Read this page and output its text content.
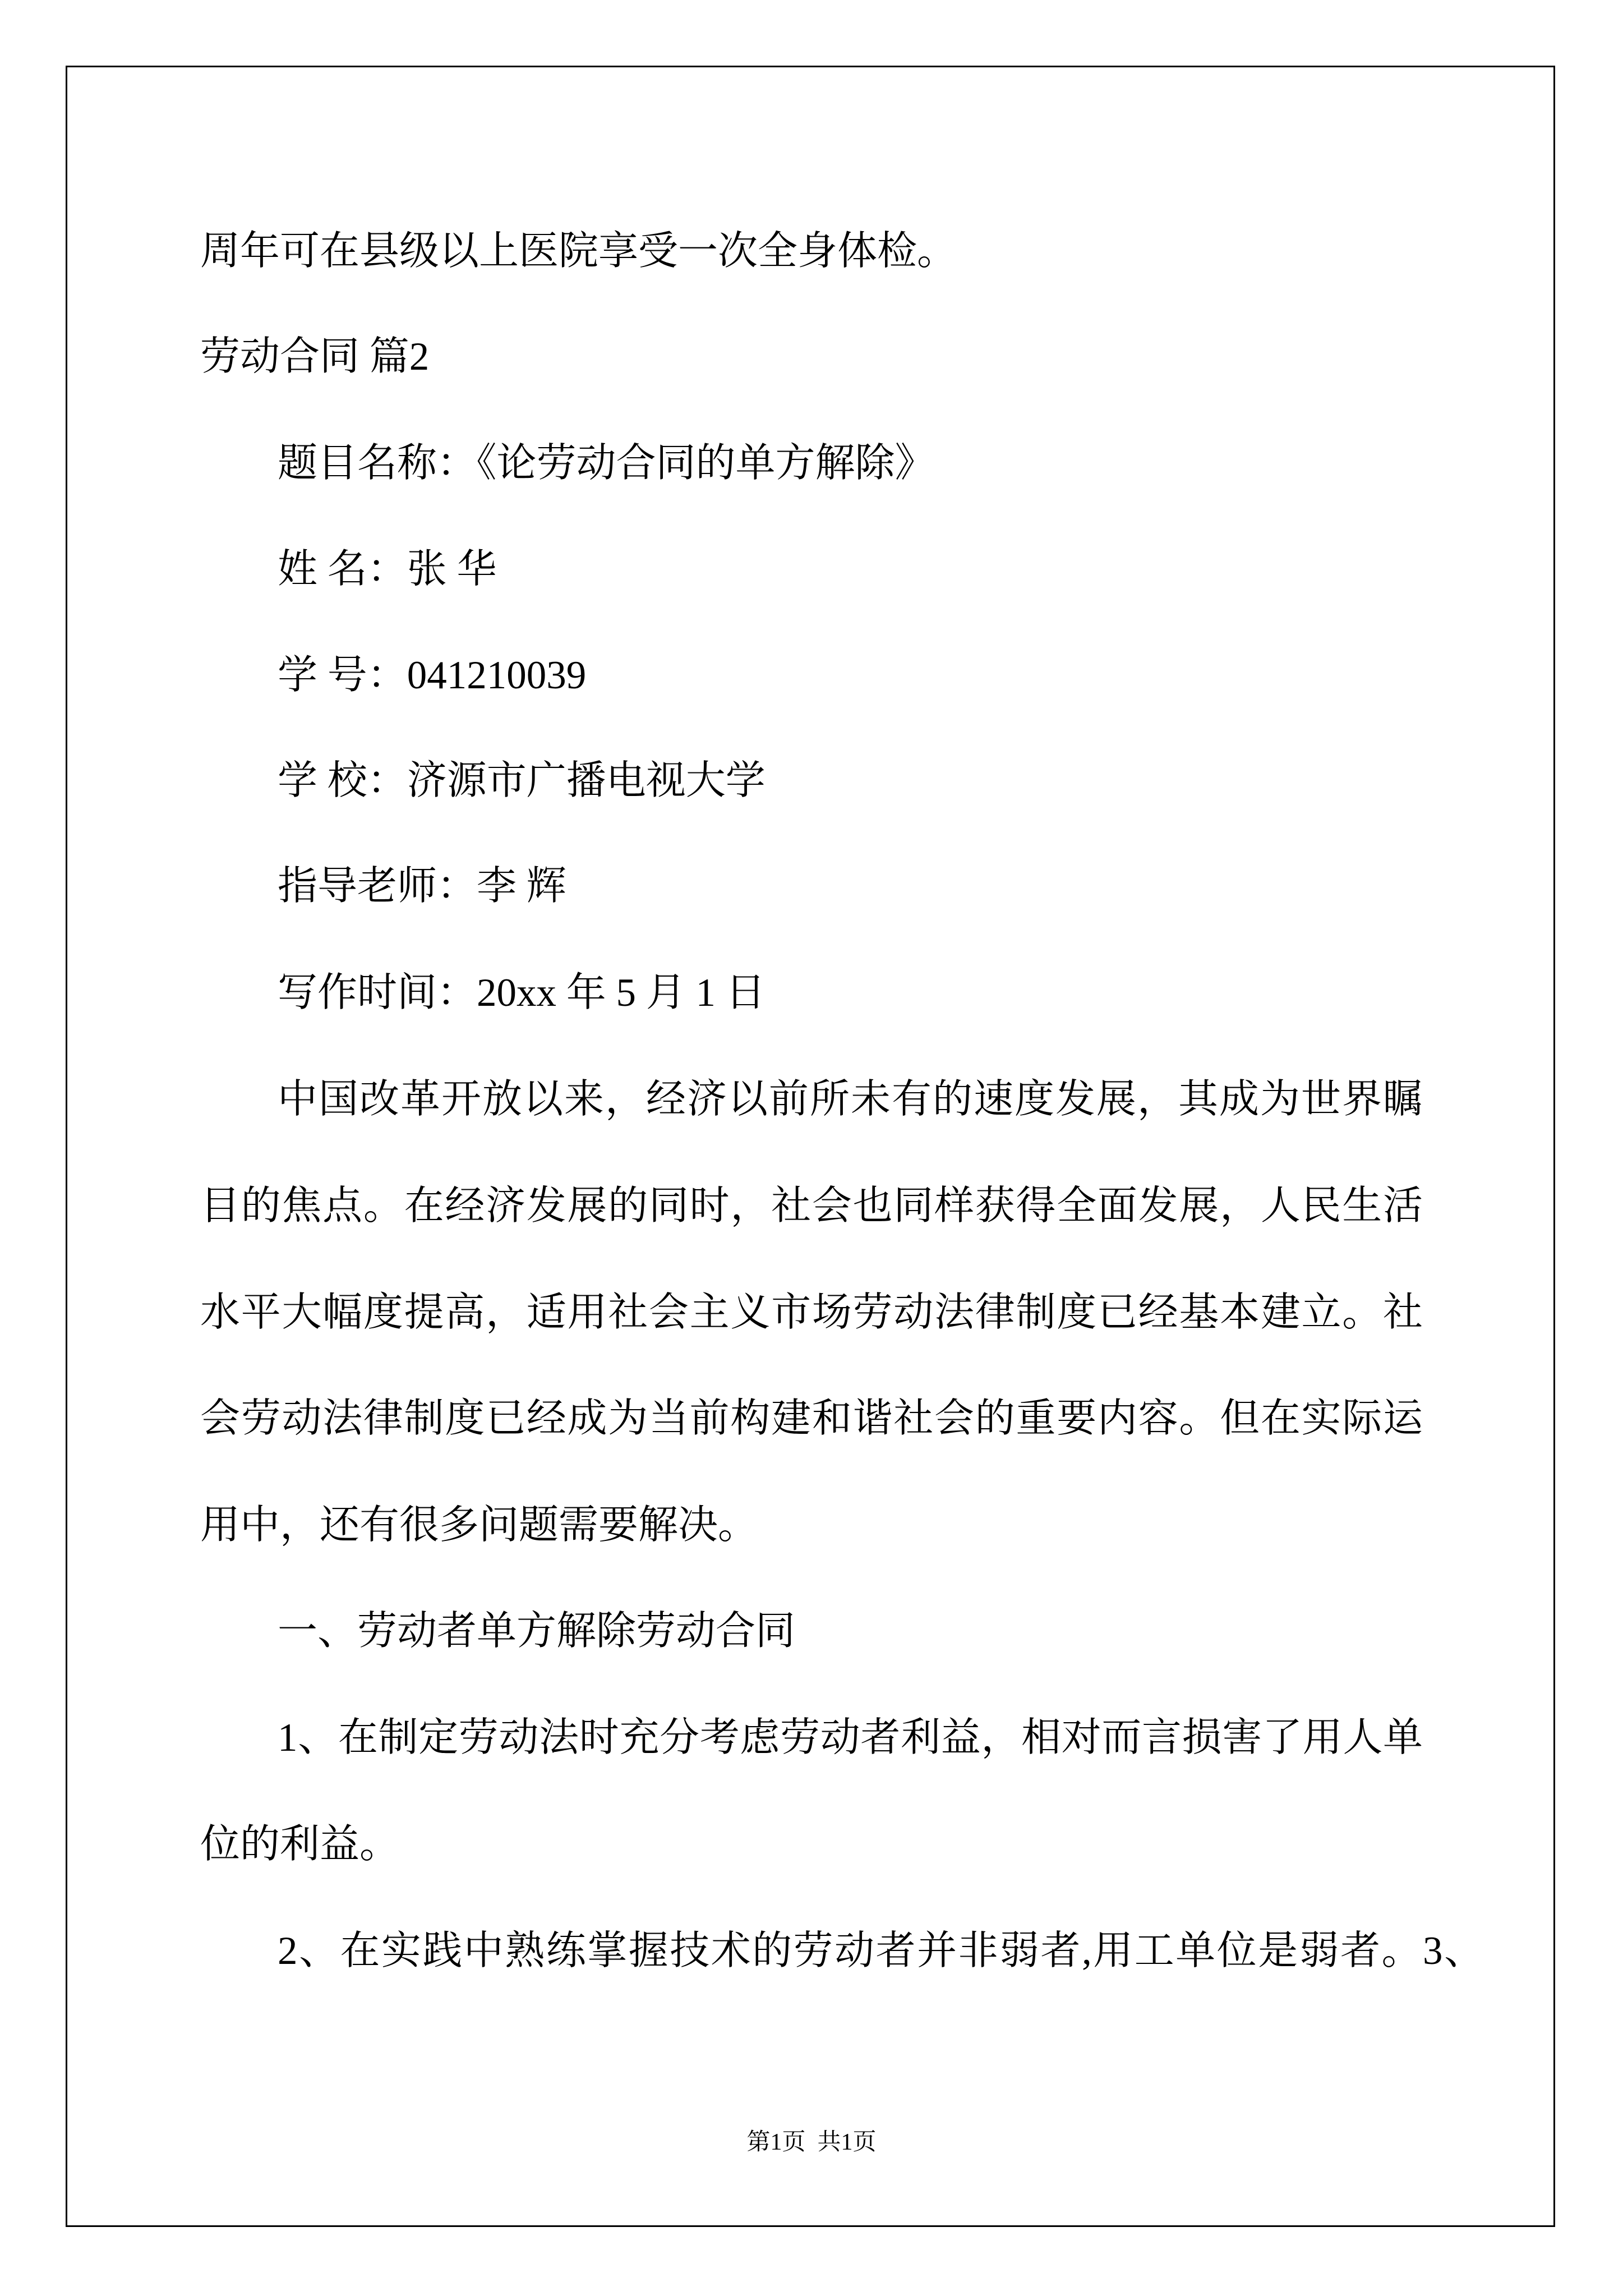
周年可在县级以上医院享受一次全身体检。
劳动合同 篇2
题目名称：《论劳动合同的单方解除》
姓 名：张 华
学 号：041210039
学 校：济源市广播电视大学
指导老师：李 辉
写作时间：20xx 年 5 月 1 日
中国改革开放以来，经济以前所未有的速度发展，其成为世界瞩
目的焦点。在经济发展的同时，社会也同样获得全面发展，人民生活
水平大幅度提高，适用社会主义市场劳动法律制度已经基本建立。社
会劳动法律制度已经成为当前构建和谐社会的重要内容。但在实际运
用中，还有很多问题需要解决。
一、劳动者单方解除劳动合同
1、在制定劳动法时充分考虑劳动者利益，相对而言损害了用人单
位的利益。
2、在实践中熟练掌握技术的劳动者并非弱者,用工单位是弱者。3、
第1页  共1页
